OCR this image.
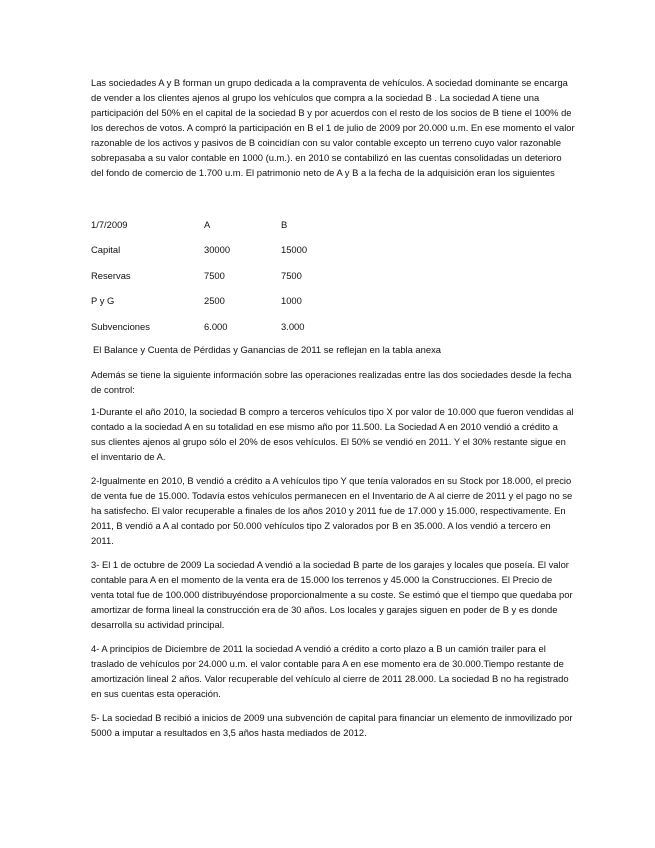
Las sociedades A y B forman un grupo dedicada a la compraventa de vehículos. A sociedad dominante se encarga de vender a los clientes ajenos al grupo los vehículos que compra a la sociedad B . La sociedad A tiene una participación del 50% en el capital de la sociedad B y por acuerdos con el resto de los socios de B tiene el 100% de los derechos de votos. A compró la participación en B el 1 de julio de 2009 por 20.000 u.m. En ese momento el valor razonable de los activos y pasivos de B coincidían con su valor contable excepto un terreno cuyo valor razonable sobrepasaba a su valor contable en 1000 (u.m.). en 2010 se contabilizó en las cuentas consolidadas un deterioro del fondo de comercio de 1.700 u.m. El patrimonio neto de A y B a la fecha de la adquisición eran los siguientes

1/7/2009	A	B
Capital	30000	15000
Reservas	7500	7500
P y G	2500	1000
Subvenciones	6.000	3.000

El Balance y Cuenta de Pérdidas y Ganancias de 2011 se reflejan en la tabla anexa

Además se tiene la siguiente información sobre las operaciones realizadas entre las dos sociedades desde la fecha de control:

1-Durante el año 2010, la sociedad B compro a terceros vehículos tipo X por valor de 10.000 que fueron vendidas al contado a la sociedad A en su totalidad en ese mismo año por 11.500. La Sociedad A en 2010 vendió a crédito a sus clientes ajenos al grupo sólo el 20% de esos vehículos. El 50% se vendió en 2011. Y el 30% restante sigue en el inventario de A.

2-Igualmente en 2010, B vendió a crédito a A vehículos tipo Y que tenía valorados en su Stock por 18.000, el precio de venta fue de 15.000. Todavía estos vehículos permanecen en el Inventario de A al cierre de 2011 y el pago no se ha satisfecho. El valor recuperable a finales de los años 2010 y 2011 fue de 17.000 y 15.000, respectivamente. En 2011, B vendió a A al contado por 50.000 vehículos tipo Z valorados por B en 35.000. A los vendió a tercero en 2011.

3- El 1 de octubre de 2009 La sociedad A vendió a la sociedad B parte de los garajes y locales que poseía. El valor contable para A en el momento de la venta era de 15.000 los terrenos y 45.000 la Construcciones. El Precio de venta total fue de 100.000 distribuyéndose proporcionalmente a su coste. Se estimó que el tiempo que quedaba por amortizar de forma lineal la construcción era de 30 años. Los locales y garajes siguen en poder de B y es donde desarrolla su actividad principal.

4- A principios de Diciembre de 2011 la sociedad A vendió a crédito a corto plazo a B un camión trailer para el traslado de vehículos por 24.000 u.m. el valor contable para A en ese momento era de 30.000.Tiempo restante de amortización lineal 2 años. Valor recuperable del vehículo al cierre de 2011 28.000. La sociedad B no ha registrado en sus cuentas esta operación.

5- La sociedad B recibió a inicios de 2009 una subvención de capital para financiar un elemento de inmovilizado por 5000 a imputar a resultados en 3,5 años hasta mediados de 2012.
